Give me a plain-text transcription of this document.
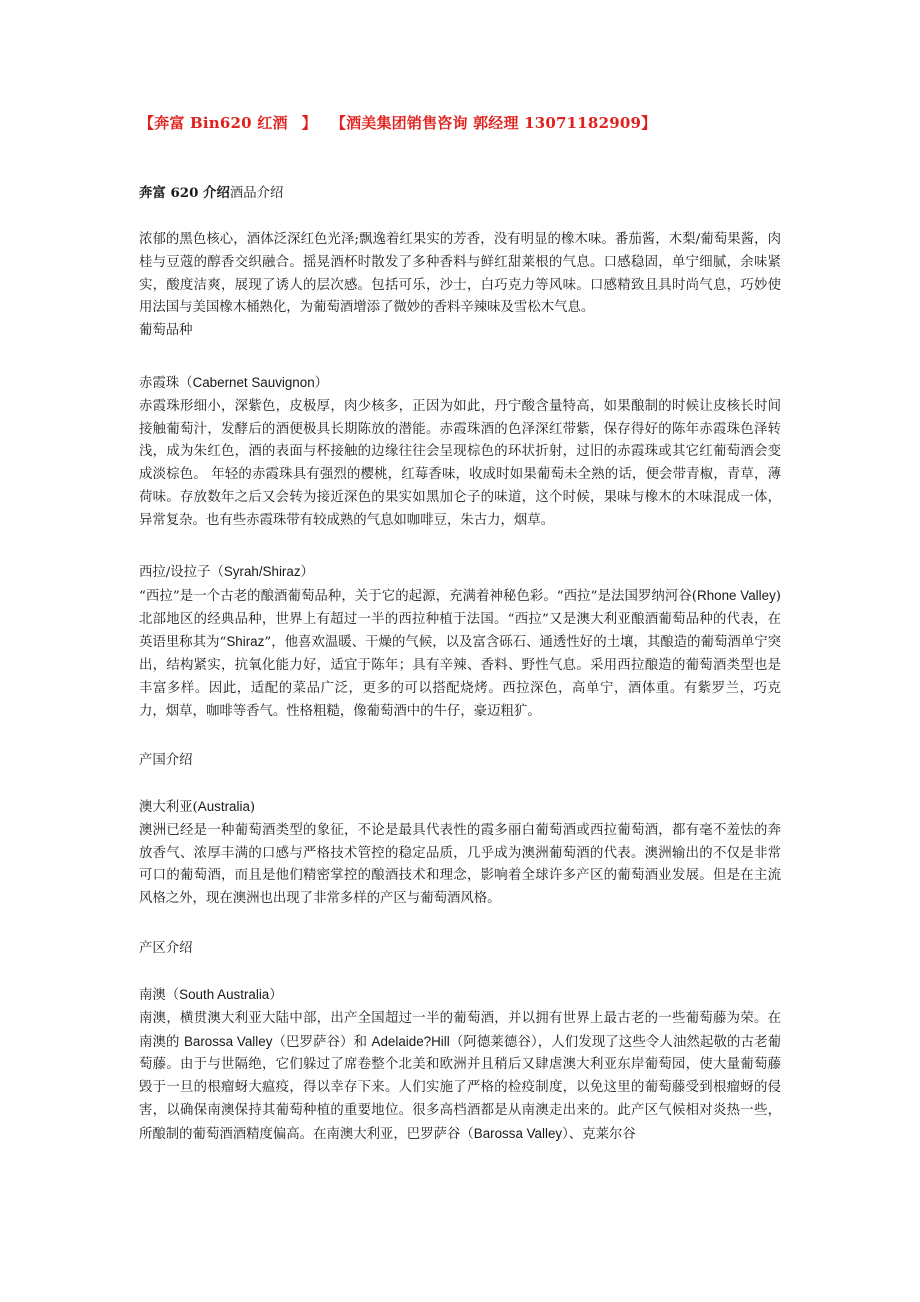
【奔富 Bin620 红酒 】 【酒美集团销售咨询 郭经理 13071182909】
奔富 620 介绍酒品介绍

浓郁的黑色核心，酒体泛深红色光泽;飘逸着红果实的芳香，没有明显的橡木味。番茄酱，木梨/葡萄果酱，肉桂与豆蔻的醇香交织融合。摇晃酒杯时散发了多种香料与鲜红甜莱根的气息。口感稳固，单宁细腻，余味紧实，酸度洁爽，展现了诱人的层次感。包括可乐，沙士，白巧克力等风味。口感精致且具时尚气息，巧妙使用法国与美国橡木桶熟化，为葡萄酒增添了微妙的香料辛辣味及雪松木气息。

葡萄品种
赤霞珠（Cabernet Sauvignon）

赤霞珠形细小，深紫色，皮极厚，肉少核多，正因为如此，丹宁酸含量特高，如果酿制的时候让皮核长时间接触葡萄汁，发酵后的酒便极具长期陈放的潜能。赤霞珠酒的色泽深红带紫，保存得好的陈年赤霞珠色泽转浅，成为朱红色，酒的表面与杯接触的边缘往往会呈现棕色的环状折射，过旧的赤霞珠或其它红葡萄酒会变成淡棕色。 年轻的赤霞珠具有强烈的樱桃，红莓香味，收成时如果葡萄未全熟的话，便会带青椒，青草，薄荷味。存放数年之后又会转为接近深色的果实如黑加仑子的味道，这个时候，果味与橡木的木味混成一体，异常复杂。也有些赤霞珠带有较成熟的气息如咖啡豆，朱古力，烟草。

西拉/设拉子（Syrah/Shiraz）

“西拉”是一个古老的酿酒葡萄品种，关于它的起源，充满着神秘色彩。“西拉”是法国罗纳河谷(Rhone Valley)北部地区的经典品种，世界上有超过一半的西拉种植于法国。“西拉”又是澳大利亚酿酒葡萄品种的代表，在英语里称其为“Shiraz”，他喜欢温暖、干燥的气候，以及富含砾石、通透性好的土壤，其酿造的葡萄酒单宁突出，结构紧实，抗氧化能力好，适宜于陈年；具有辛辣、香料、野性气息。采用西拉酿造的葡萄酒类型也是丰富多样。因此，适配的菜品广泛，更多的可以搭配烧烤。西拉深色，高单宁，酒体重。有紫罗兰，巧克力，烟草，咖啡等香气。性格粗糙，像葡萄酒中的牛仔，豪迈粗犷。

产国介绍
澳大利亚(Australia)

澳洲已经是一种葡萄酒类型的象征，不论是最具代表性的霞多丽白葡萄酒或西拉葡萄酒，都有毫不羞怯的奔放香气、浓厚丰满的口感与严格技术管控的稳定品质，几乎成为澳洲葡萄酒的代表。澳洲输出的不仅是非常可口的葡萄酒，而且是他们精密掌控的酿酒技术和理念，影响着全球许多产区的葡萄酒业发展。但是在主流风格之外，现在澳洲也出现了非常多样的产区与葡萄酒风格。

产区介绍
南澳（South Australia）

南澳，横贯澳大利亚大陆中部，出产全国超过一半的葡萄酒，并以拥有世界上最古老的一些葡萄藤为荣。在南澳的 Barossa Valley（巴罗萨谷）和 Adelaide?Hill（阿德莱德谷），人们发现了这些令人油然起敬的古老葡萄藤。由于与世隔绝，它们躲过了席卷整个北美和欧洲并且稍后又肆虐澳大利亚东岸葡萄园，使大量葡萄藤毁于一旦的根瘤蚜大瘟疫，得以幸存下来。人们实施了严格的检疫制度，以免这里的葡萄藤受到根瘤蚜的侵害，以确保南澳保持其葡萄种植的重要地位。很多高档酒都是从南澳走出来的。此产区气候相对炎热一些，所酿制的葡萄酒酒精度偏高。在南澳大利亚，巴罗萨谷（Barossa Valley）、克莱尔谷
